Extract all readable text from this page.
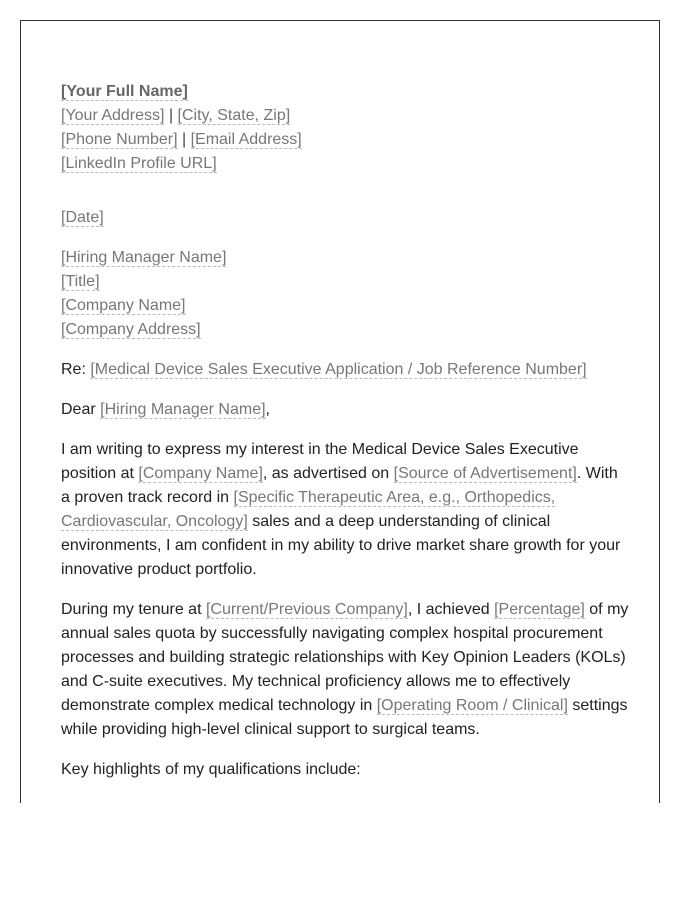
[Your Full Name]
[Your Address] | [City, State, Zip]
[Phone Number] | [Email Address]
[LinkedIn Profile URL]
[Date]
[Hiring Manager Name]
[Title]
[Company Name]
[Company Address]

Re: [Medical Device Sales Executive Application / Job Reference Number]

Dear [Hiring Manager Name],

I am writing to express my interest in the Medical Device Sales Executive position at [Company Name], as advertised on [Source of Advertisement]. With a proven track record in [Specific Therapeutic Area, e.g., Orthopedics, Cardiovascular, Oncology] sales and a deep understanding of clinical environments, I am confident in my ability to drive market share growth for your innovative product portfolio.

During my tenure at [Current/Previous Company], I achieved [Percentage] of my annual sales quota by successfully navigating complex hospital procurement processes and building strategic relationships with Key Opinion Leaders (KOLs) and C-suite executives. My technical proficiency allows me to effectively demonstrate complex medical technology in [Operating Room / Clinical] settings while providing high-level clinical support to surgical teams.

Key highlights of my qualifications include:
